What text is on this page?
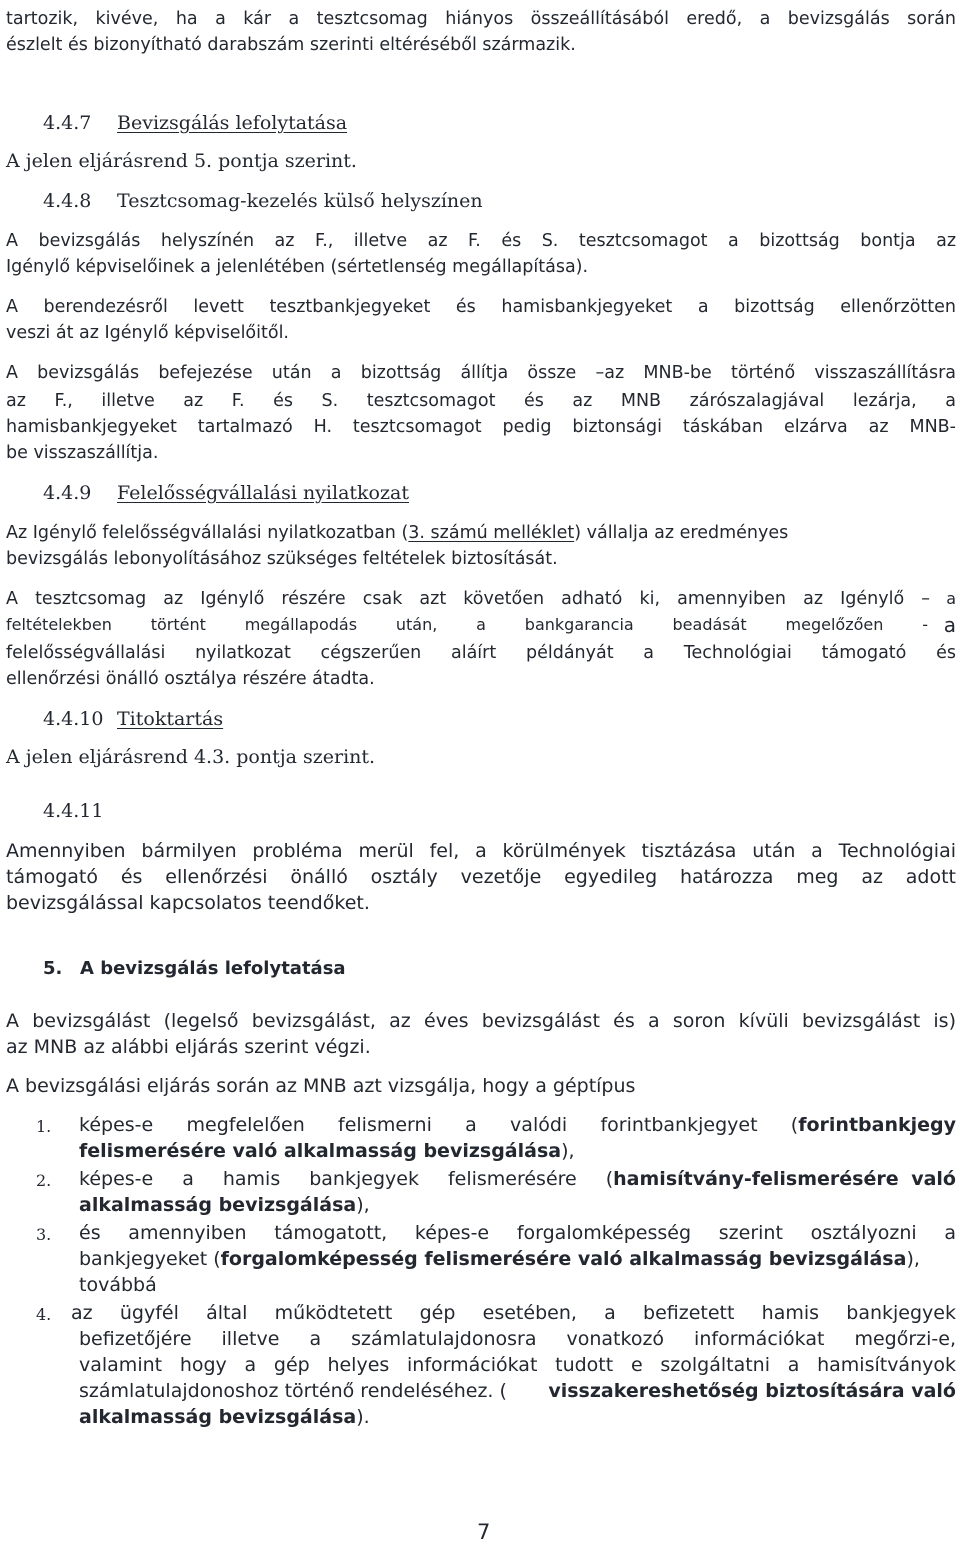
tartozik, kivéve, ha a kár a tesztcsomag hiányos összeállításából eredő, a bevizsgálás során
észlelt és bizonyítható darabszám szerinti eltéréséből származik.
4.4.7 Bevizsgálás lefolytatása
A jelen eljárásrend 5. pontja szerint.
4.4.8 Tesztcsomag-kezelés külső helyszínen
A bevizsgálás helyszínén az F., illetve az F. és S. tesztcsomagot a bizottság bontja az
Igénylő képviselőinek a jelenlétében (sértetlenség megállapítása).
A berendezésről levett tesztbankjegyeket és hamisbankjegyeket a bizottság ellenőrzötten
veszi át az Igénylő képviselőitől.
A bevizsgálás befejezése után a bizottság állítja össze –az MNB-be történő visszaszállításra
az F., illetve az F. és S. tesztcsomagot és az MNB zárószalagjával lezárja, a
hamisbankjegyeket tartalmazó H. tesztcsomagot pedig biztonsági táskában elzárva az MNB-
be visszaszállítja.
4.4.9 Felelősségvállalási nyilatkozat
Az Igénylő felelősségvállalási nyilatkozatban ( 3. számú melléklet ) vállalja az eredményes
bevizsgálás lebonyolításához szükséges feltételek biztosítását.
A tesztcsomag az Igénylő részére csak azt követően adható ki, amennyiben az Igénylő – a
feltételekben történt megállapodás után, a bankgarancia beadását megelőzően - a
felelősségvállalási nyilatkozat cégszerűen aláírt példányát a Technológiai támogató és
ellenőrzési önálló osztálya részére átadta.
4.4.10 Titoktartás
A jelen eljárásrend 4.3. pontja szerint.
4.4.11
Amennyiben bármilyen probléma merül fel, a körülmények tisztázása után a Technológiai
támogató és ellenőrzési önálló osztály vezetője egyedileg határozza meg az adott
bevizsgálással kapcsolatos teendőket.
5. A bevizsgálás lefolytatása
A bevizsgálást (legelső bevizsgálást, az éves bevizsgálást és a soron kívüli bevizsgálást is)
az MNB az alábbi eljárás szerint végzi.
A bevizsgálási eljárás során az MNB azt vizsgálja, hogy a géptípus
1. képes-e megfelelően felismerni a valódi forintbankjegyet ( forintbankjegy
felismerésére való alkalmasság bevizsgálása),
2. képes-e a hamis bankjegyek felismerésére ( hamisítvány-felismerésére való
alkalmasság bevizsgálása),
3. és amennyiben támogatott, képes-e forgalomképesség szerint osztályozni a
bankjegyeket (forgalomképesség felismerésére való alkalmasság bevizsgálása),
továbbá
4. az ügyfél által működtetett gép esetében, a befizetett hamis bankjegyek
befizetőjére illetve a számlatulajdonosra vonatkozó információkat megőrzi-e,
valamint hogy a gép helyes információkat tudott e szolgáltatni a hamisítványok
számlatulajdonoshoz történő rendeléséhez. ( visszakereshetőség biztosítására való
alkalmasság bevizsgálása).
7
